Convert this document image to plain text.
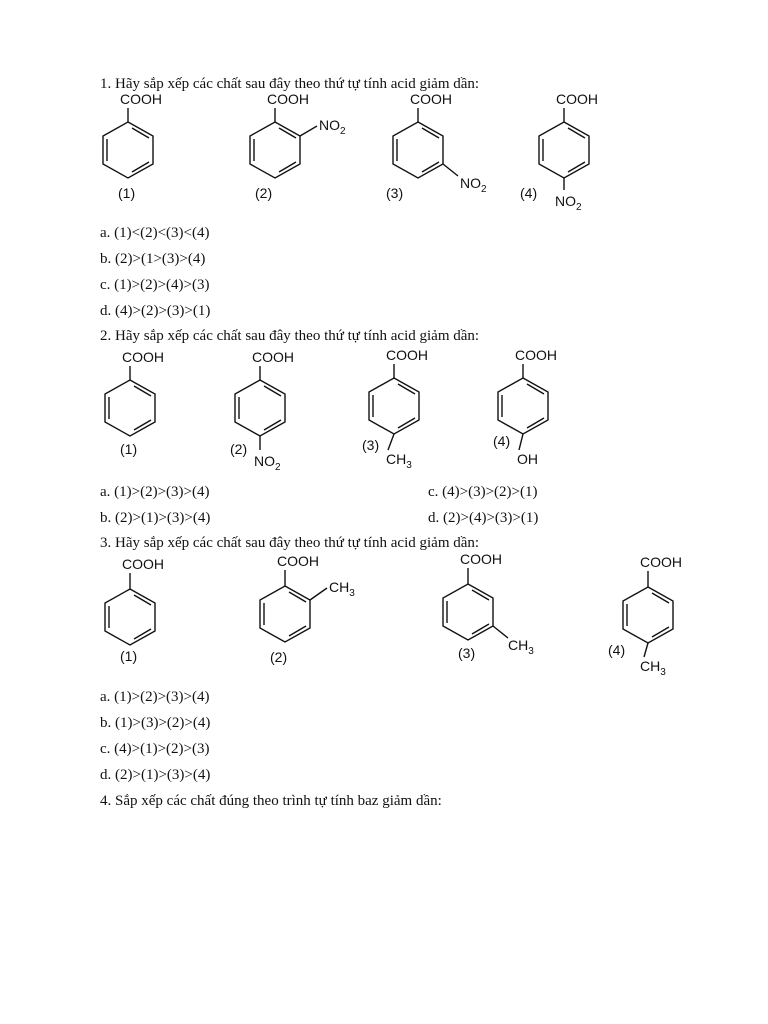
1. Hãy sắp xếp các chất sau đây theo thứ tự tính acid giảm dần:
COOH
(1)
COOH
$NO_2$
(2)
COOH
$NO_2$
(3)
COOH
$NO_2$
(4)
a. (1)<(2)<(3)<(4)
b. (2)>(1>(3)>(4)
c. (1)>(2)>(4)>(3)
d. (4)>(2)>(3)>(1)
2. Hãy sắp xếp các chất sau đây theo thứ tự tính acid giảm dần:
COOH
(1)
COOH
$NO_2$
(2)
COOH
$CH_3$
(3)
COOH
OH
(4)
a. (1)>(2)>(3)>(4)	c. (4)>(3)>(2)>(1)
b. (2)>(1)>(3)>(4)	d. (2)>(4)>(3)>(1)
3. Hãy sắp xếp các chất sau đây theo thứ tự tính acid giảm dần:
COOH
(1)
COOH
$CH_3$
(2)
COOH
$CH_3$
(3)
COOH
$CH_3$
(4)
a. (1)>(2)>(3)>(4)
b. (1)>(3)>(2)>(4)
c. (4)>(1)>(2)>(3)
d. (2)>(1)>(3)>(4)
4. Sắp xếp các chất đúng theo trình tự tính baz giảm dần:
